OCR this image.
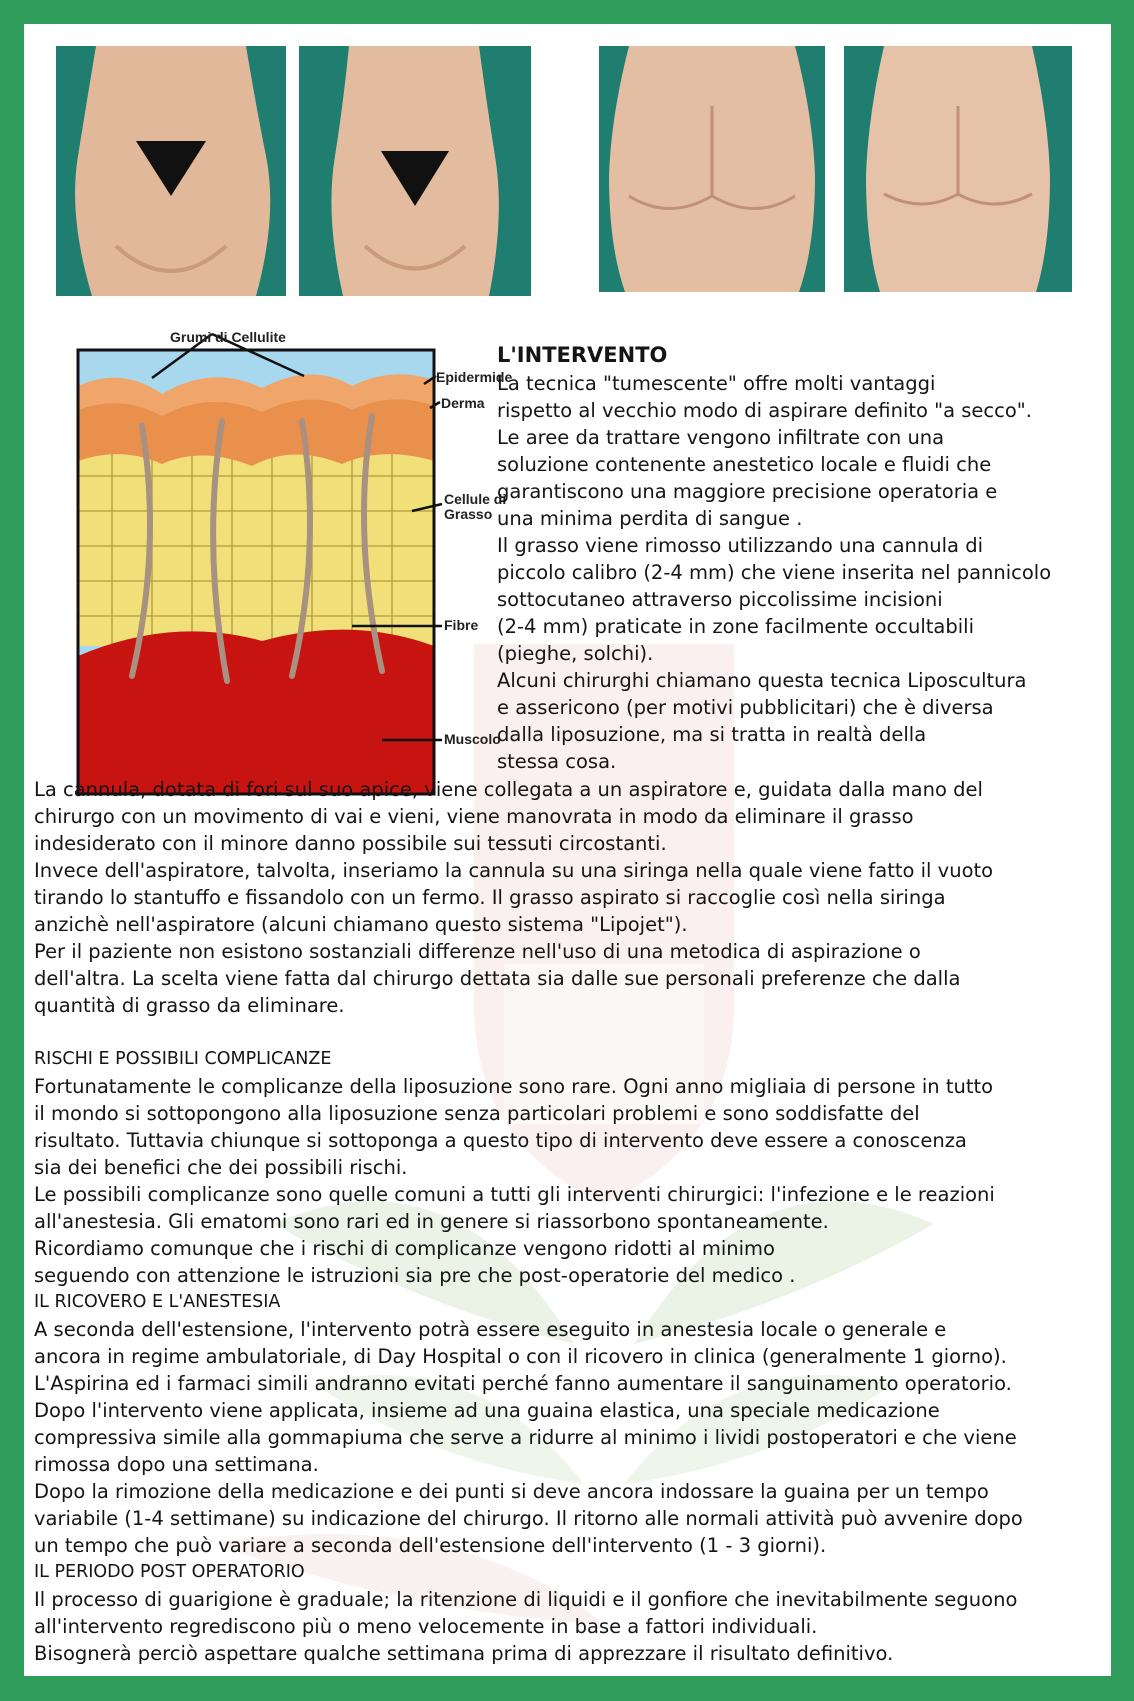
Grumi di Cellulite
Epidermide
Derma
Cellule di Grasso
Fibre
Muscolo
L'INTERVENTO
La tecnica "tumescente" offre molti vantaggi
rispetto al vecchio modo di aspirare definito "a secco".
Le aree da trattare vengono infiltrate con una
soluzione contenente anestetico locale e fluidi che
garantiscono una maggiore precisione operatoria e
una minima perdita di sangue .
Il grasso viene rimosso utilizzando una cannula di
piccolo calibro (2-4 mm) che viene inserita nel pannicolo
sottocutaneo attraverso piccolissime incisioni
(2-4 mm) praticate in zone facilmente occultabili
(pieghe, solchi).
Alcuni chirurghi chiamano questa tecnica Liposcultura
e assericono (per motivi pubblicitari) che è diversa
dalla liposuzione, ma si tratta in realtà della
stessa cosa.
La cannula, dotata di fori sul suo apice, viene collegata a un aspiratore e, guidata dalla mano del
chirurgo con un movimento di vai e vieni, viene manovrata in modo da eliminare il grasso
indesiderato con il minore danno possibile sui tessuti circostanti.
Invece dell'aspiratore, talvolta, inseriamo la cannula su una siringa nella quale viene fatto il vuoto
tirando lo stantuffo e fissandolo con un fermo. Il grasso aspirato si raccoglie così nella siringa
anzichè nell'aspiratore (alcuni chiamano questo sistema "Lipojet").
Per il paziente non esistono sostanziali differenze nell'uso di una metodica di aspirazione o
dell'altra. La scelta viene fatta dal chirurgo dettata sia dalle sue personali preferenze che dalla
quantità di grasso da eliminare.
RISCHI E POSSIBILI COMPLICANZE
Fortunatamente le complicanze della liposuzione sono rare. Ogni anno migliaia di persone in tutto
il mondo si sottopongono alla liposuzione senza particolari problemi e sono soddisfatte del
risultato. Tuttavia chiunque si sottoponga a questo tipo di intervento deve essere a conoscenza
sia dei benefici che dei possibili rischi.
Le possibili complicanze sono quelle comuni a tutti gli interventi chirurgici: l'infezione e le reazioni
all'anestesia. Gli ematomi sono rari ed in genere si riassorbono spontaneamente.
Ricordiamo comunque che i rischi di complicanze vengono ridotti al minimo
seguendo con attenzione le istruzioni sia pre che post-operatorie del medico .
IL RICOVERO E L'ANESTESIA
A seconda dell'estensione, l'intervento potrà essere eseguito in anestesia locale o generale e
ancora in regime ambulatoriale, di Day Hospital o con il ricovero in clinica (generalmente 1 giorno).
L'Aspirina ed i farmaci simili andranno evitati perché fanno aumentare il sanguinamento operatorio.
Dopo l'intervento viene applicata, insieme ad una guaina elastica, una speciale medicazione
compressiva simile alla gommapiuma che serve a ridurre al minimo i lividi postoperatori e che viene
rimossa dopo una settimana.
Dopo la rimozione della medicazione e dei punti si deve ancora indossare la guaina per un tempo
variabile (1-4 settimane) su indicazione del chirurgo. Il ritorno alle normali attività può avvenire dopo
un tempo che può variare a seconda dell'estensione dell'intervento (1 - 3 giorni).
IL PERIODO POST OPERATORIO
Il processo di guarigione è graduale; la ritenzione di liquidi e il gonfiore che inevitabilmente seguono
all'intervento regrediscono più o meno velocemente in base a fattori individuali.
Bisognerà perciò aspettare qualche settimana prima di apprezzare il risultato definitivo.
